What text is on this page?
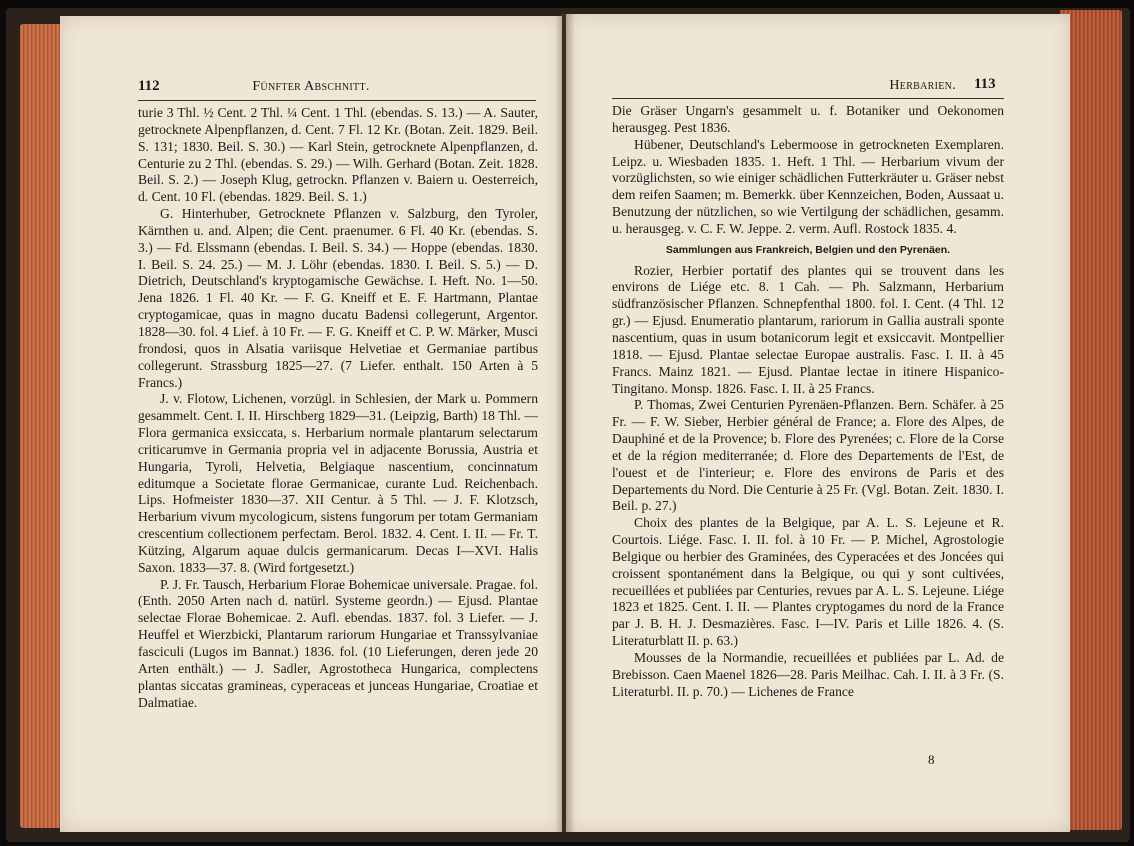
112	Fünfter Abschnitt.

turie 3 Thl. ½ Cent. 2 Thl. ¼ Cent. 1 Thl. (ebendas. S. 13.) — A. Sauter, getrocknete Alpenpflanzen, d. Cent. 7 Fl. 12 Kr. (Botan. Zeit. 1829. Beil. S. 131; 1830. Beil. S. 30.) — Karl Stein, getrocknete Alpenpflanzen, d. Centurie zu 2 Thl. (ebendas. S. 29.) — Wilh. Gerhard (Botan. Zeit. 1828. Beil. S. 2.) — Joseph Klug, getrockn. Pflanzen v. Baiern u. Oesterreich, d. Cent. 10 Fl. (ebendas. 1829. Beil. S. 1.)

G. Hinterhuber, Getrocknete Pflanzen v. Salzburg, den Tyroler, Kärnthen u. and. Alpen; die Cent. praenumer. 6 Fl. 40 Kr. (ebendas. S. 3.) — Fd. Elssmann (ebendas. I. Beil. S. 34.) — Hoppe (ebendas. 1830. I. Beil. S. 24. 25.) — M. J. Löhr (ebendas. 1830. I. Beil. S. 5.) — D. Dietrich, Deutschland's kryptogamische Gewächse. I. Heft. No. 1—50. Jena 1826. 1 Fl. 40 Kr. — F. G. Kneiff et E. F. Hartmann, Plantae cryptogamicae, quas in magno ducatu Badensi collegerunt, Argentor. 1828—30. fol. 4 Lief. à 10 Fr. — F. G. Kneiff et C. P. W. Märker, Musci frondosi, quos in Alsatia variisque Helvetiae et Germaniae partibus collegerunt. Strassburg 1825—27. (7 Liefer. enthalt. 150 Arten à 5 Francs.)

J. v. Flotow, Lichenen, vorzügl. in Schlesien, der Mark u. Pommern gesammelt. Cent. I. II. Hirschberg 1829—31. (Leipzig, Barth) 18 Thl. — Flora germanica exsiccata, s. Herbarium normale plantarum selectarum criticarumve in Germania propria vel in adjacente Borussia, Austria et Hungaria, Tyroli, Helvetia, Belgiaque nascentium, concinnatum editumque a Societate florae Germanicae, curante Lud. Reichenbach. Lips. Hofmeister 1830—37. XII Centur. à 5 Thl. — J. F. Klotzsch, Herbarium vivum mycologicum, sistens fungorum per totam Germaniam crescentium collectionem perfectam. Berol. 1832. 4. Cent. I. II. — Fr. T. Kützing, Algarum aquae dulcis germanicarum. Decas I—XVI. Halis Saxon. 1833—37. 8. (Wird fortgesetzt.)

P. J. Fr. Tausch, Herbarium Florae Bohemicae universale. Pragae. fol. (Enth. 2050 Arten nach d. natürl. Systeme geordn.) — Ejusd. Plantae selectae Florae Bohemicae. 2. Aufl. ebendas. 1837. fol. 3 Liefer. — J. Heuffel et Wierzbicki, Plantarum rariorum Hungariae et Transsylvaniae fasciculi (Lugos im Bannat.) 1836. fol. (10 Lieferungen, deren jede 20 Arten enthält.) — J. Sadler, Agrostotheca Hungarica, complectens plantas siccatas gramineas, cyperaceas et junceas Hungariae, Croatiae et Dalmatiae.

Herbarien. 113

Die Gräser Ungarn's gesammelt u. f. Botaniker und Oekonomen herausgeg. Pest 1836.

Hübener, Deutschland's Lebermoose in getrockneten Exemplaren. Leipz. u. Wiesbaden 1835. 1. Heft. 1 Thl. — Herbarium vivum der vorzüglichsten, so wie einiger schädlichen Futterkräuter u. Gräser nebst dem reifen Saamen; m. Bemerkk. über Kennzeichen, Boden, Aussaat u. Benutzung der nützlichen, so wie Vertilgung der schädlichen, gesamm. u. herausgeg. v. C. F. W. Jeppe. 2. verm. Aufl. Rostock 1835. 4.

Sammlungen aus Frankreich, Belgien und den Pyrenäen.

Rozier, Herbier portatif des plantes qui se trouvent dans les environs de Liége etc. 8. 1 Cah. — Ph. Salzmann, Herbarium südfranzösischer Pflanzen. Schnepfenthal 1800. fol. I. Cent. (4 Thl. 12 gr.) — Ejusd. Enumeratio plantarum, rariorum in Gallia australi sponte nascentium, quas in usum botanicorum legit et exsiccavit. Montpellier 1818. — Ejusd. Plantae selectae Europae australis. Fasc. I. II. à 45 Francs. Mainz 1821. — Ejusd. Plantae lectae in itinere Hispanico-Tingitano. Monsp. 1826. Fasc. I. II. à 25 Francs.

P. Thomas, Zwei Centurien Pyrenäen-Pflanzen. Bern. Schäfer. à 25 Fr. — F. W. Sieber, Herbier général de France; a. Flore des Alpes, de Dauphiné et de la Provence; b. Flore des Pyrenées; c. Flore de la Corse et de la région mediterranée; d. Flore des Departements de l'Est, de l'ouest et de l'interieur; e. Flore des environs de Paris et des Departements du Nord. Die Centurie à 25 Fr. (Vgl. Botan. Zeit. 1830. I. Beil. p. 27.)

Choix des plantes de la Belgique, par A. L. S. Lejeune et R. Courtois. Liége. Fasc. I. II. fol. à 10 Fr. — P. Michel, Agrostologie Belgique ou herbier des Graminées, des Cyperacées et des Joncées qui croissent spontanément dans la Belgique, ou qui y sont cultivées, recueillées et publiées par Centuries, revues par A. L. S. Lejeune. Liége 1823 et 1825. Cent. I. II. — Plantes cryptogames du nord de la France par J. B. H. J. Desmazières. Fasc. I—IV. Paris et Lille 1826. 4. (S. Literaturblatt II. p. 63.)

Mousses de la Normandie, recueillées et publiées par L. Ad. de Brebisson. Caen Maenel 1826—28. Paris Meilhac. Cah. I. II. à 3 Fr. (S. Literaturbl. II. p. 70.) — Lichenes de France

8
